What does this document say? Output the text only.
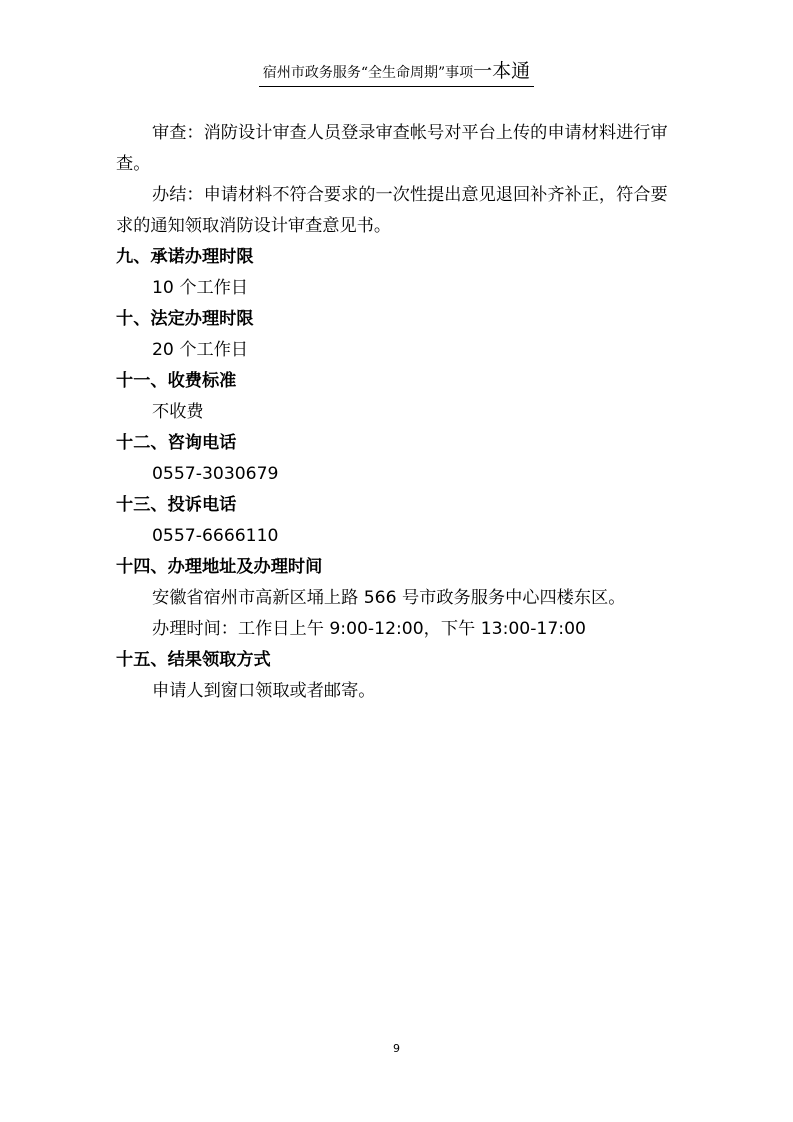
宿州市政务服务“全生命周期”事项一本通

审查：消防设计审查人员登录审查帐号对平台上传的申请材料进行审查。

办结：申请材料不符合要求的一次性提出意见退回补齐补正，符合要求的通知领取消防设计审查意见书。

九、承诺办理时限

10 个工作日

十、法定办理时限

20 个工作日

十一、收费标准

不收费

十二、咨询电话

0557-3030679

十三、投诉电话

0557-6666110

十四、办理地址及办理时间

安徽省宿州市高新区埇上路 566 号市政务服务中心四楼东区。

办理时间：工作日上午 9:00-12:00，下午 13:00-17:00

十五、结果领取方式

申请人到窗口领取或者邮寄。

9
